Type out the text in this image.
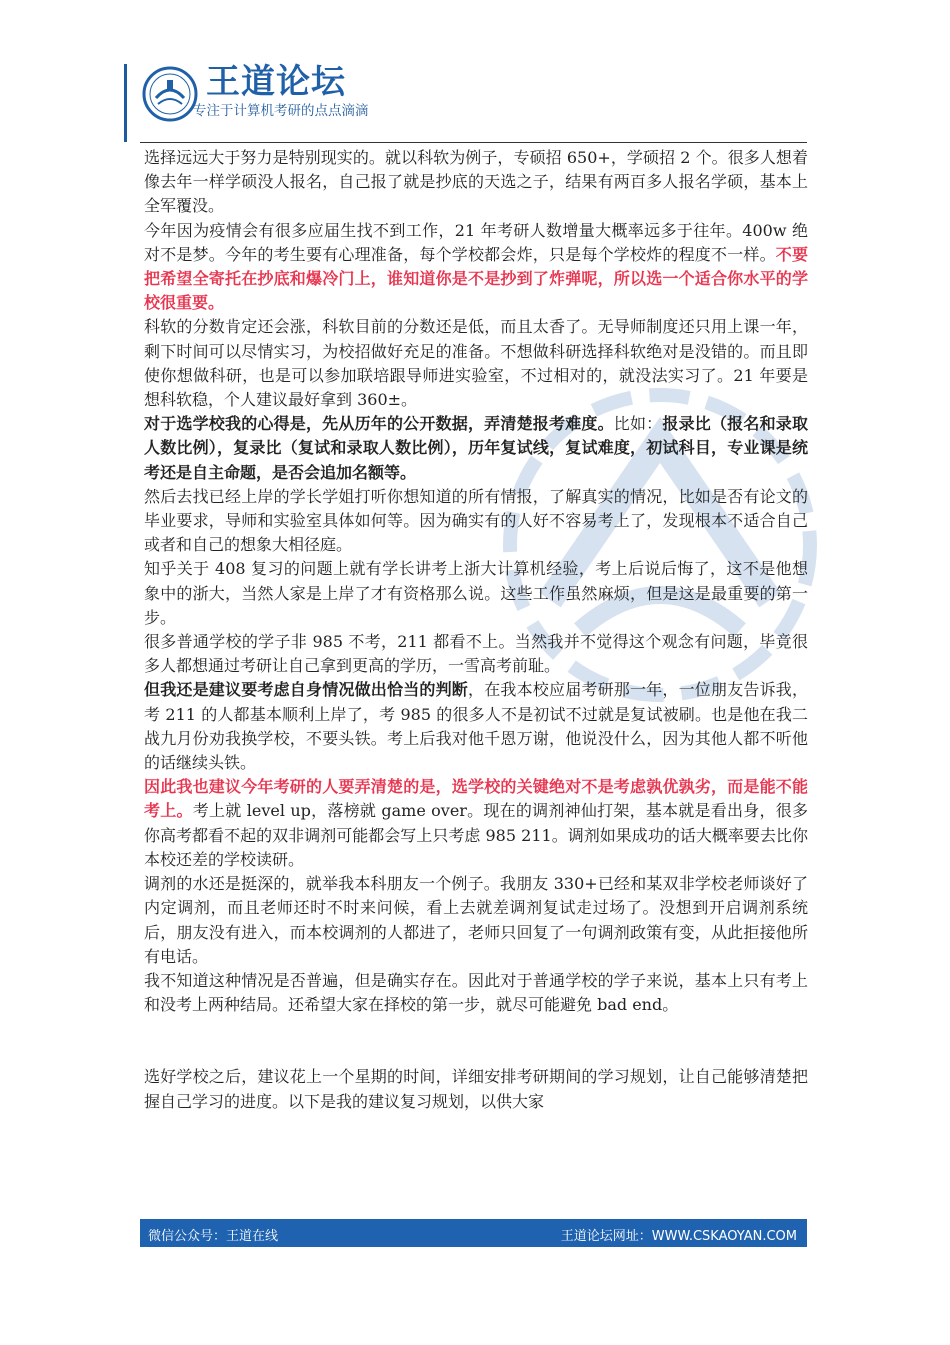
王道论坛
专注于计算机考研的点点滴滴

选择远远大于努力是特别现实的。就以科软为例子，专硕招 650+，学硕招 2 个。很多人想着像去年一样学硕没人报名，自己报了就是抄底的天选之子，结果有两百多人报名学硕，基本上全军覆没。

今年因为疫情会有很多应届生找不到工作，21 年考研人数增量大概率远多于往年。400w 绝对不是梦。今年的考生要有心理准备，每个学校都会炸，只是每个学校炸的程度不一样。不要把希望全寄托在抄底和爆冷门上，谁知道你是不是抄到了炸弹呢，所以选一个适合你水平的学校很重要。

科软的分数肯定还会涨，科软目前的分数还是低，而且太香了。无导师制度还只用上课一年，剩下时间可以尽情实习，为校招做好充足的准备。不想做科研选择科软绝对是没错的。而且即使你想做科研，也是可以参加联培跟导师进实验室，不过相对的，就没法实习了。21 年要是想科软稳，个人建议最好拿到 360±。

对于选学校我的心得是，先从历年的公开数据，弄清楚报考难度。比如：报录比（报名和录取人数比例），复录比（复试和录取人数比例），历年复试线，复试难度，初试科目，专业课是统考还是自主命题，是否会追加名额等。

然后去找已经上岸的学长学姐打听你想知道的所有情报，了解真实的情况，比如是否有论文的毕业要求，导师和实验室具体如何等。因为确实有的人好不容易考上了，发现根本不适合自己或者和自己的想象大相径庭。

知乎关于 408 复习的问题上就有学长讲考上浙大计算机经验，考上后说后悔了，这不是他想象中的浙大，当然人家是上岸了才有资格那么说。这些工作虽然麻烦，但是这是最重要的第一步。

很多普通学校的学子非 985 不考，211 都看不上。当然我并不觉得这个观念有问题，毕竟很多人都想通过考研让自己拿到更高的学历，一雪高考前耻。

但我还是建议要考虑自身情况做出恰当的判断，在我本校应届考研那一年，一位朋友告诉我，考 211 的人都基本顺利上岸了，考 985 的很多人不是初试不过就是复试被刷。也是他在我二战九月份劝我换学校，不要头铁。考上后我对他千恩万谢，他说没什么，因为其他人都不听他的话继续头铁。

因此我也建议今年考研的人要弄清楚的是，选学校的关键绝对不是考虑孰优孰劣，而是能不能考上。考上就 level up，落榜就 game over。现在的调剂神仙打架，基本就是看出身，很多你高考都看不起的双非调剂可能都会写上只考虑 985 211。调剂如果成功的话大概率要去比你本校还差的学校读研。

调剂的水还是挺深的，就举我本科朋友一个例子。我朋友 330+已经和某双非学校老师谈好了内定调剂，而且老师还时不时来问候，看上去就差调剂复试走过场了。没想到开启调剂系统后，朋友没有进入，而本校调剂的人都进了，老师只回复了一句调剂政策有变，从此拒接他所有电话。

我不知道这种情况是否普遍，但是确实存在。因此对于普通学校的学子来说，基本上只有考上和没考上两种结局。还希望大家在择校的第一步，就尽可能避免 bad end。

选好学校之后，建议花上一个星期的时间，详细安排考研期间的学习规划，让自己能够清楚把握自己学习的进度。以下是我的建议复习规划，以供大家

微信公众号：王道在线	王道论坛网址：WWW.CSKAOYAN.COM
